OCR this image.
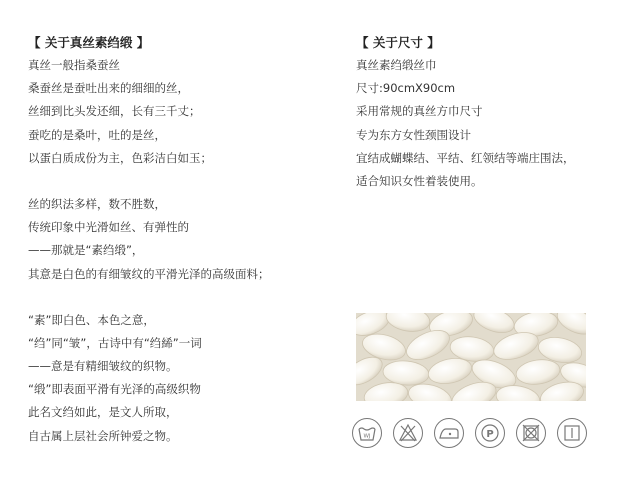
【 关于真丝素绉缎 】
真丝一般指桑蚕丝
桑蚕丝是蚕吐出来的细细的丝，
丝细到比头发还细，长有三千丈；
蚕吃的是桑叶，吐的是丝，
以蛋白质成份为主，色彩洁白如玉；
丝的织法多样，数不胜数，
传统印象中光滑如丝、有弹性的
——那就是“素绉缎”，
其意是白色的有细皱纹的平滑光泽的高级面料；
“素”即白色、本色之意，
“绉”同“皱”，古诗中有“绉絺”一词
——意是有精细皱纹的织物。
“缎”即表面平滑有光泽的高级织物
此名文绉如此，是文人所取，
自古属上层社会所钟爱之物。
【 关于尺寸 】
真丝素绉缎丝巾
尺寸:90cmX90cm
采用常规的真丝方巾尺寸
专为东方女性颈围设计
宜结成蝴蝶结、平结、红领结等端庄围法，
适合知识女性着装使用。
WJ	P
